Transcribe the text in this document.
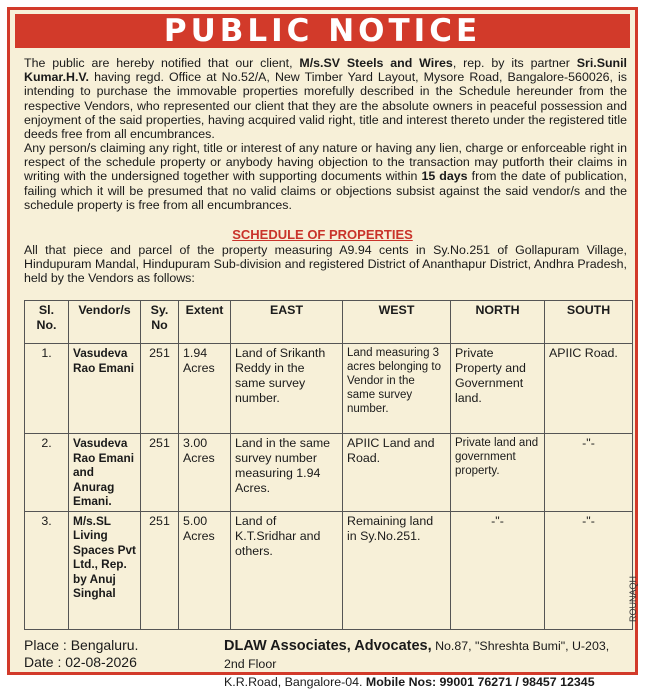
PUBLIC NOTICE

The public are hereby notified that our client, M/s.SV Steels and Wires, rep. by its partner Sri.Sunil Kumar.H.V. having regd. Office at No.52/A, New Timber Yard Layout, Mysore Road, Bangalore-560026, is intending to purchase the immovable properties morefully described in the Schedule hereunder from the respective Vendors, who represented our client that they are the absolute owners in peaceful possession and enjoyment of the said properties, having acquired valid right, title and interest thereto under the registered title deeds free from all encumbrances.

Any person/s claiming any right, title or interest of any nature or having any lien, charge or enforceable right in respect of the schedule property or anybody having objection to the transaction may putforth their claims in writing with the undersigned together with supporting documents within 15 days from the date of publication, failing which it will be presumed that no valid claims or objections subsist against the said vendor/s and the schedule property is free from all encumbrances.

SCHEDULE OF PROPERTIES

All that piece and parcel of the property measuring A9.94 cents in Sy.No.251 of Gollapuram Village, Hindupuram Mandal, Hindupuram Sub-division and registered District of Ananthapur District, Andhra Pradesh, held by the Vendors as follows:

Sl. No.	Vendor/s	Sy. No	Extent	EAST	WEST	NORTH	SOUTH
1.	Vasudeva Rao Emani	251	1.94 Acres	Land of Srikanth Reddy in the same survey number.	Land measuring 3 acres belonging to Vendor in the same survey number.	Private Property and Government land.	APIIC Road.
2.	Vasudeva Rao Emani and Anurag Emani.	251	3.00 Acres	Land in the same survey number measuring 1.94 Acres.	APIIC Land and Road.	Private land and government property.	-"-
3.	M/s.SL Living Spaces Pvt Ltd., Rep. by Anuj Singhal	251	5.00 Acres	Land of K.T.Sridhar and others.	Remaining land in Sy.No.251.	-"-	-"-
ROUNAQH
Place : Bengaluru.
Date : 02-08-2026
DLAW Associates, Advocates, No.87, "Shreshta Bumi", U-203, 2nd Floor
K.R.Road, Bangalore-04. Mobile Nos: 99001 76271 / 98457 12345
